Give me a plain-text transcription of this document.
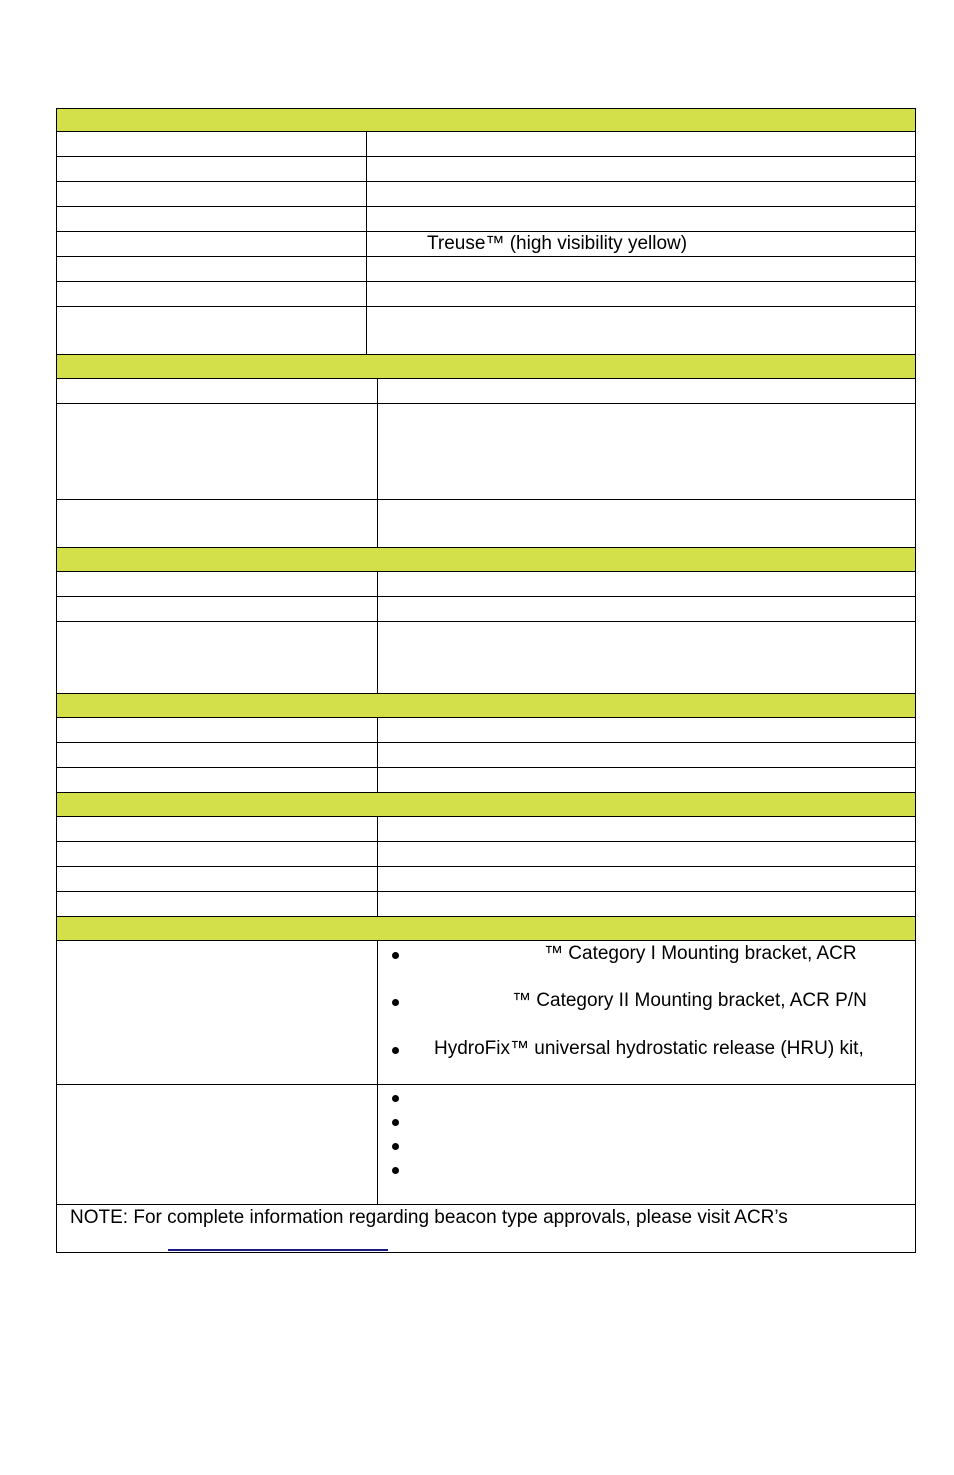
Treuse™ (high visibility yellow)
™ Category I Mounting bracket, ACR
™ Category II Mounting bracket, ACR P/N
HydroFix™ universal hydrostatic release (HRU) kit,
NOTE: For complete information regarding beacon type approvals, please visit ACR’s
